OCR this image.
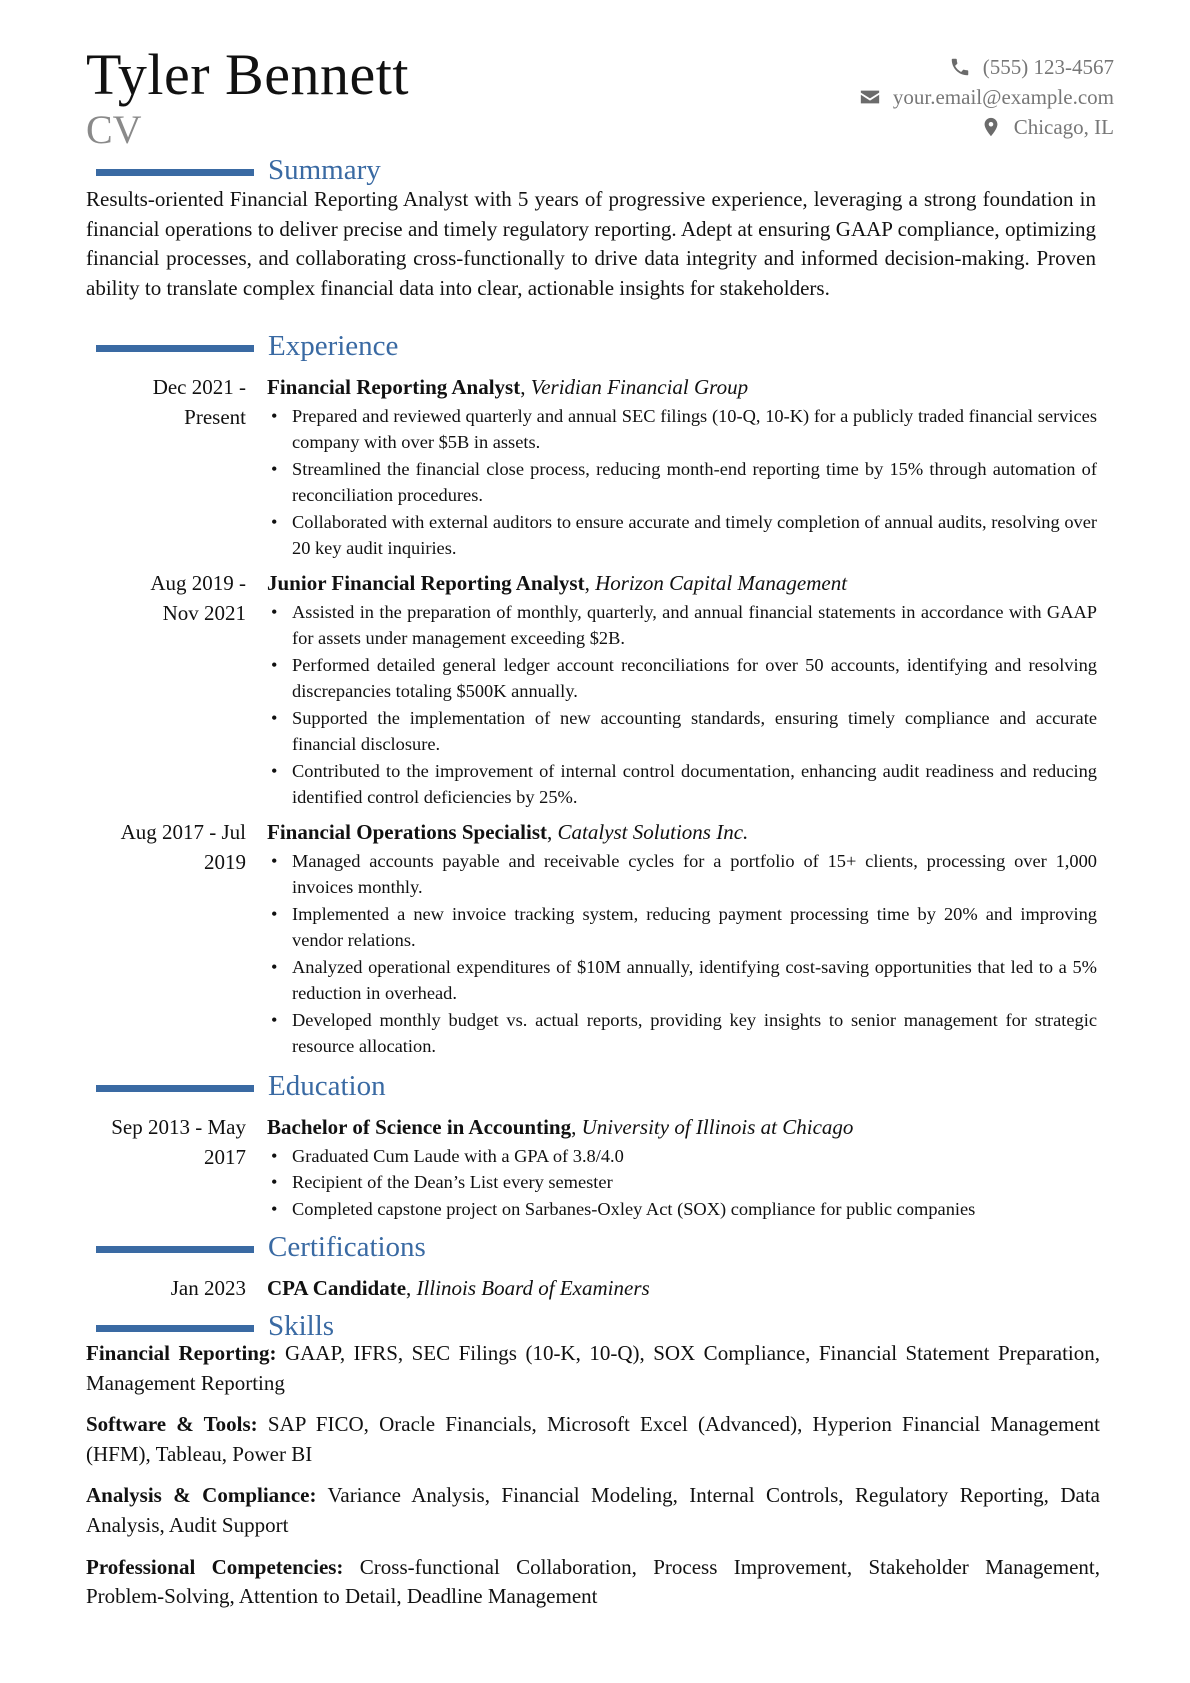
Tyler Bennett
CV
(555) 123-4567
your.email@example.com
Chicago, IL
Summary
Results-oriented Financial Reporting Analyst with 5 years of progressive experience, leveraging a strong foundation in financial operations to deliver precise and timely regulatory reporting. Adept at ensuring GAAP compliance, optimizing financial processes, and collaborating cross-functionally to drive data integrity and informed decision-making. Proven ability to translate complex financial data into clear, actionable insights for stakeholders.
Experience
Dec 2021 -
Present
Financial Reporting Analyst, Veridian Financial Group
• Prepared and reviewed quarterly and annual SEC filings (10-Q, 10-K) for a publicly traded financial services company with over $5B in assets.
• Streamlined the financial close process, reducing month-end reporting time by 15% through automation of reconciliation procedures.
• Collaborated with external auditors to ensure accurate and timely completion of annual audits, resolving over 20 key audit inquiries.
Aug 2019 -
Nov 2021
Junior Financial Reporting Analyst, Horizon Capital Management
• Assisted in the preparation of monthly, quarterly, and annual financial statements in accordance with GAAP for assets under management exceeding $2B.
• Performed detailed general ledger account reconciliations for over 50 accounts, identifying and resolving discrepancies totaling $500K annually.
• Supported the implementation of new accounting standards, ensuring timely compliance and accurate financial disclosure.
• Contributed to the improvement of internal control documentation, enhancing audit readiness and reducing identified control deficiencies by 25%.
Aug 2017 - Jul
2019
Financial Operations Specialist, Catalyst Solutions Inc.
• Managed accounts payable and receivable cycles for a portfolio of 15+ clients, processing over 1,000 invoices monthly.
• Implemented a new invoice tracking system, reducing payment processing time by 20% and improving vendor relations.
• Analyzed operational expenditures of $10M annually, identifying cost-saving opportunities that led to a 5% reduction in overhead.
• Developed monthly budget vs. actual reports, providing key insights to senior management for strategic resource allocation.
Education
Sep 2013 - May
2017
Bachelor of Science in Accounting, University of Illinois at Chicago
• Graduated Cum Laude with a GPA of 3.8/4.0
• Recipient of the Dean’s List every semester
• Completed capstone project on Sarbanes-Oxley Act (SOX) compliance for public companies
Certifications
Jan 2023 CPA Candidate, Illinois Board of Examiners
Skills
Financial Reporting: GAAP, IFRS, SEC Filings (10-K, 10-Q), SOX Compliance, Financial Statement Preparation, Management Reporting
Software & Tools: SAP FICO, Oracle Financials, Microsoft Excel (Advanced), Hyperion Financial Management (HFM), Tableau, Power BI
Analysis & Compliance: Variance Analysis, Financial Modeling, Internal Controls, Regulatory Reporting, Data Analysis, Audit Support
Professional Competencies: Cross-functional Collaboration, Process Improvement, Stakeholder Management, Problem-Solving, Attention to Detail, Deadline Management
